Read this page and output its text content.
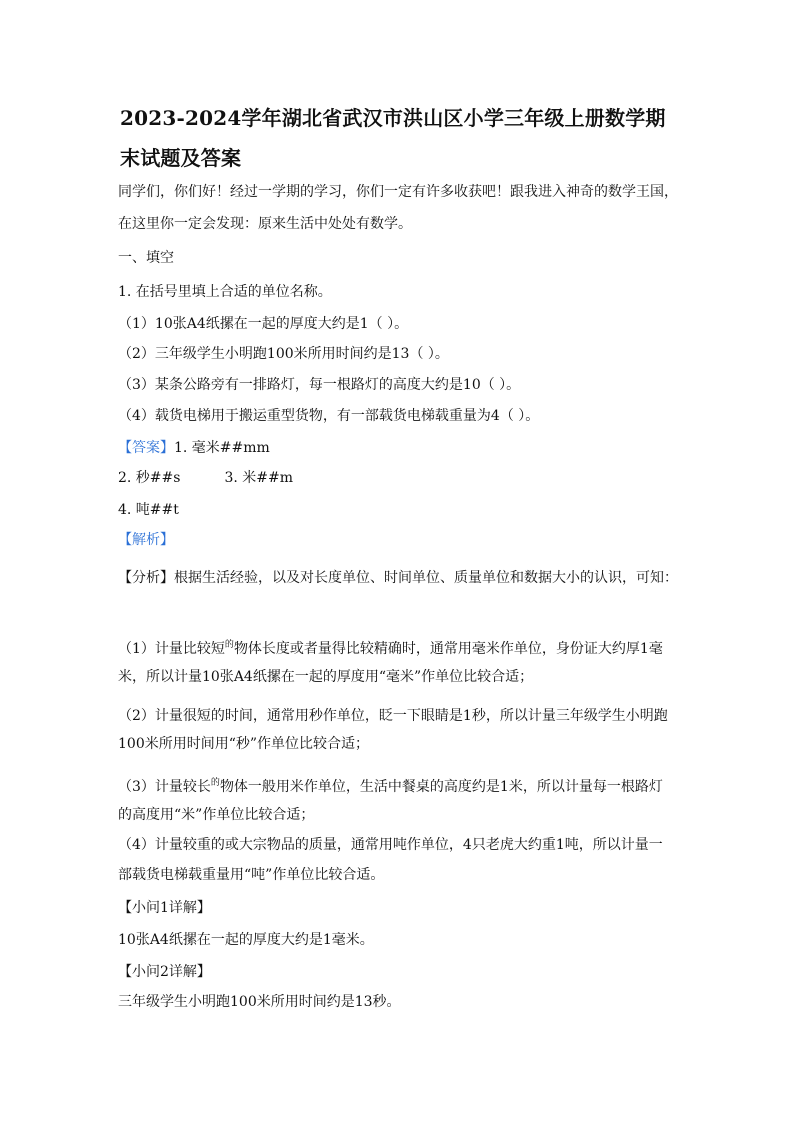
2023-2024学年湖北省武汉市洪山区小学三年级上册数学期
末试题及答案
同学们，你们好！经过一学期的学习，你们一定有许多收获吧！跟我进入神奇的数学王国，
在这里你一定会发现：原来生活中处处有数学。
一、填空
1. 在括号里填上合适的单位名称。
（1）10张A4纸摞在一起的厚度大约是1（ ）。
（2）三年级学生小明跑100米所用时间约是13（ ）。
（3）某条公路旁有一排路灯，每一根路灯的高度大约是10（ ）。
（4）载货电梯用于搬运重型货物，有一部载货电梯载重量为4（ ）。
【答案】1. 毫米##mm
2. 秒##s	3. 米##m
4. 吨##t
【解析】
【分析】根据生活经验，以及对长度单位、时间单位、质量单位和数据大小的认识，可知：
（1）计量比较短$^的$物体长度或者量得比较精确时，通常用毫米作单位，身份证大约厚1毫
米，所以计量10张A4纸摞在一起的厚度用“毫米”作单位比较合适；
（2）计量很短的时间，通常用秒作单位，眨一下眼睛是1秒，所以计量三年级学生小明跑
100米所用时间用“秒”作单位比较合适；
（3）计量较长$^的$物体一般用米作单位，生活中餐桌的高度约是1米，所以计量每一根路灯
的高度用“米”作单位比较合适；
（4）计量较重的或大宗物品的质量，通常用吨作单位，4只老虎大约重1吨，所以计量一
部载货电梯载重量用“吨”作单位比较合适。
【小问1详解】
10张A4纸摞在一起的厚度大约是1毫米。
【小问2详解】
三年级学生小明跑100米所用时间约是13秒。
